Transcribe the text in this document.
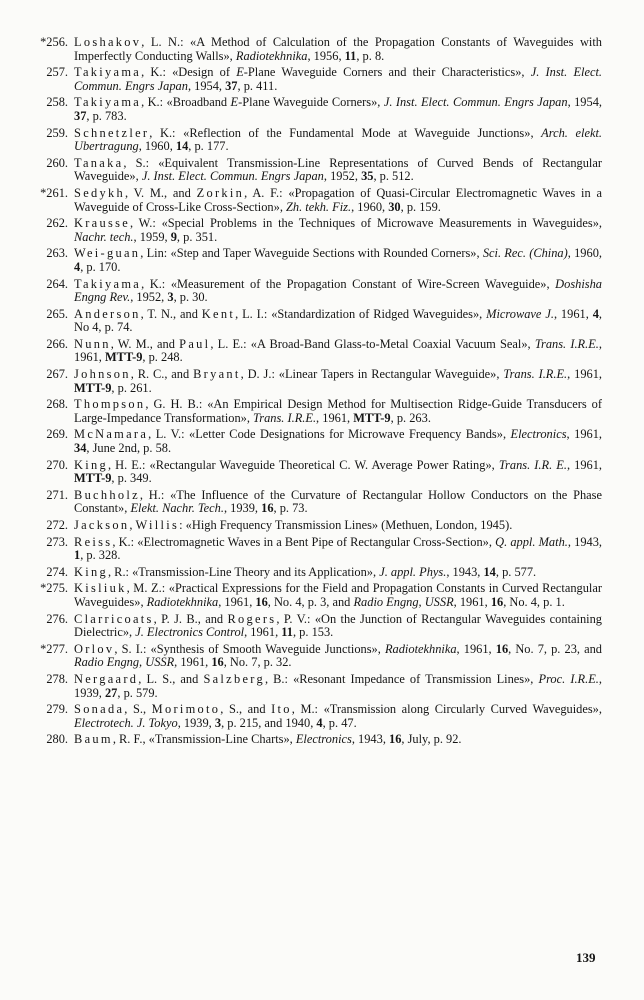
*256. Loshakov, L. N.: «A Method of Calculation of the Propagation Constants of Waveguides with Imperfectly Conducting Walls», Radiotekhnika, 1956, 11, p. 8.
257. Takiyama, K.: «Design of E-Plane Waveguide Corners and their Characteristics», J. Inst. Elect. Commun. Engrs Japan, 1954, 37, p. 411.
258. Takiyama, K.: «Broadband E-Plane Waveguide Corners», J. Inst. Elect. Commun. Engrs Japan, 1954, 37, p. 783.
259. Schnetzler, K.: «Reflection of the Fundamental Mode at Waveguide Junctions», Arch. elekt. Ubertragung, 1960, 14, p. 177.
260. Tanaka, S.: «Equivalent Transmission-Line Representations of Curved Bends of Rectangular Waveguide», J. Inst. Elect. Commun. Engrs Japan, 1952, 35, p. 512.
*261. Sedykh, V. M., and Zorkin, A. F.: «Propagation of Quasi-Circular Electromagnetic Waves in a Waveguide of Cross-Like Cross-Section», Zh. tekh. Fiz., 1960, 30, p. 159.
262. Krausse, W.: «Special Problems in the Techniques of Microwave Measurements in Waveguides», Nachr. tech., 1959, 9, p. 351.
263. Wei-guan, Lin: «Step and Taper Waveguide Sections with Rounded Corners», Sci. Rec. (China), 1960, 4, p. 170.
264. Takiyama, K.: «Measurement of the Propagation Constant of Wire-Screen Waveguide», Doshisha Engng Rev., 1952, 3, p. 30.
265. Anderson, T. N., and Kent, L. I.: «Standardization of Ridged Waveguides», Microwave J., 1961, 4, No 4, p. 74.
266. Nunn, W. M., and Paul, L. E.: «A Broad-Band Glass-to-Metal Coaxial Vacuum Seal», Trans. I.R.E., 1961, MTT-9, p. 248.
267. Johnson, R. C., and Bryant, D. J.: «Linear Tapers in Rectangular Waveguide», Trans. I.R.E., 1961, MTT-9, p. 261.
268. Thompson, G. H. B.: «An Empirical Design Method for Multisection Ridge-Guide Transducers of Large-Impedance Transformation», Trans. I.R.E., 1961, MTT-9, p. 263.
269. McNamara, L. V.: «Letter Code Designations for Microwave Frequency Bands», Electronics, 1961, 34, June 2nd, p. 58.
270. King, H. E.: «Rectangular Waveguide Theoretical C. W. Average Power Rating», Trans. I.R. E., 1961, MTT-9, p. 349.
271. Buchholz, H.: «The Influence of the Curvature of Rectangular Hollow Conductors on the Phase Constant», Elekt. Nachr. Tech., 1939, 16, p. 73.
272. Jackson, Willis: «High Frequency Transmission Lines» (Methuen, London, 1945).
273. Reiss, K.: «Electromagnetic Waves in a Bent Pipe of Rectangular Cross-Section», Q. appl. Math., 1943, 1, p. 328.
274. King, R.: «Transmission-Line Theory and its Application», J. appl. Phys., 1943, 14, p. 577.
*275. Kisliuk, M. Z.: «Practical Expressions for the Field and Propagation Constants in Curved Rectangular Waveguides», Radiotekhnika, 1961, 16, No. 4, p. 3, and Radio Engng, USSR, 1961, 16, No. 4, p. 1.
276. Clarricoats, P. J. B., and Rogers, P. V.: «On the Junction of Rectangular Waveguides containing Dielectric», J. Electronics Control, 1961, 11, p. 153.
*277. Orlov, S. I.: «Synthesis of Smooth Waveguide Junctions», Radiotekhnika, 1961, 16, No. 7, p. 23, and Radio Engng, USSR, 1961, 16, No. 7, p. 32.
278. Nergaard, L. S., and Salzberg, B.: «Resonant Impedance of Transmission Lines», Proc. I.R.E., 1939, 27, p. 579.
279. Sonada, S., Morimoto, S., and Ito, M.: «Transmission along Circularly Curved Waveguides», Electrotech. J. Tokyo, 1939, 3, p. 215, and 1940, 4, p. 47.
280. Baum, R. F., «Transmission-Line Charts», Electronics, 1943, 16, July, p. 92.
139
